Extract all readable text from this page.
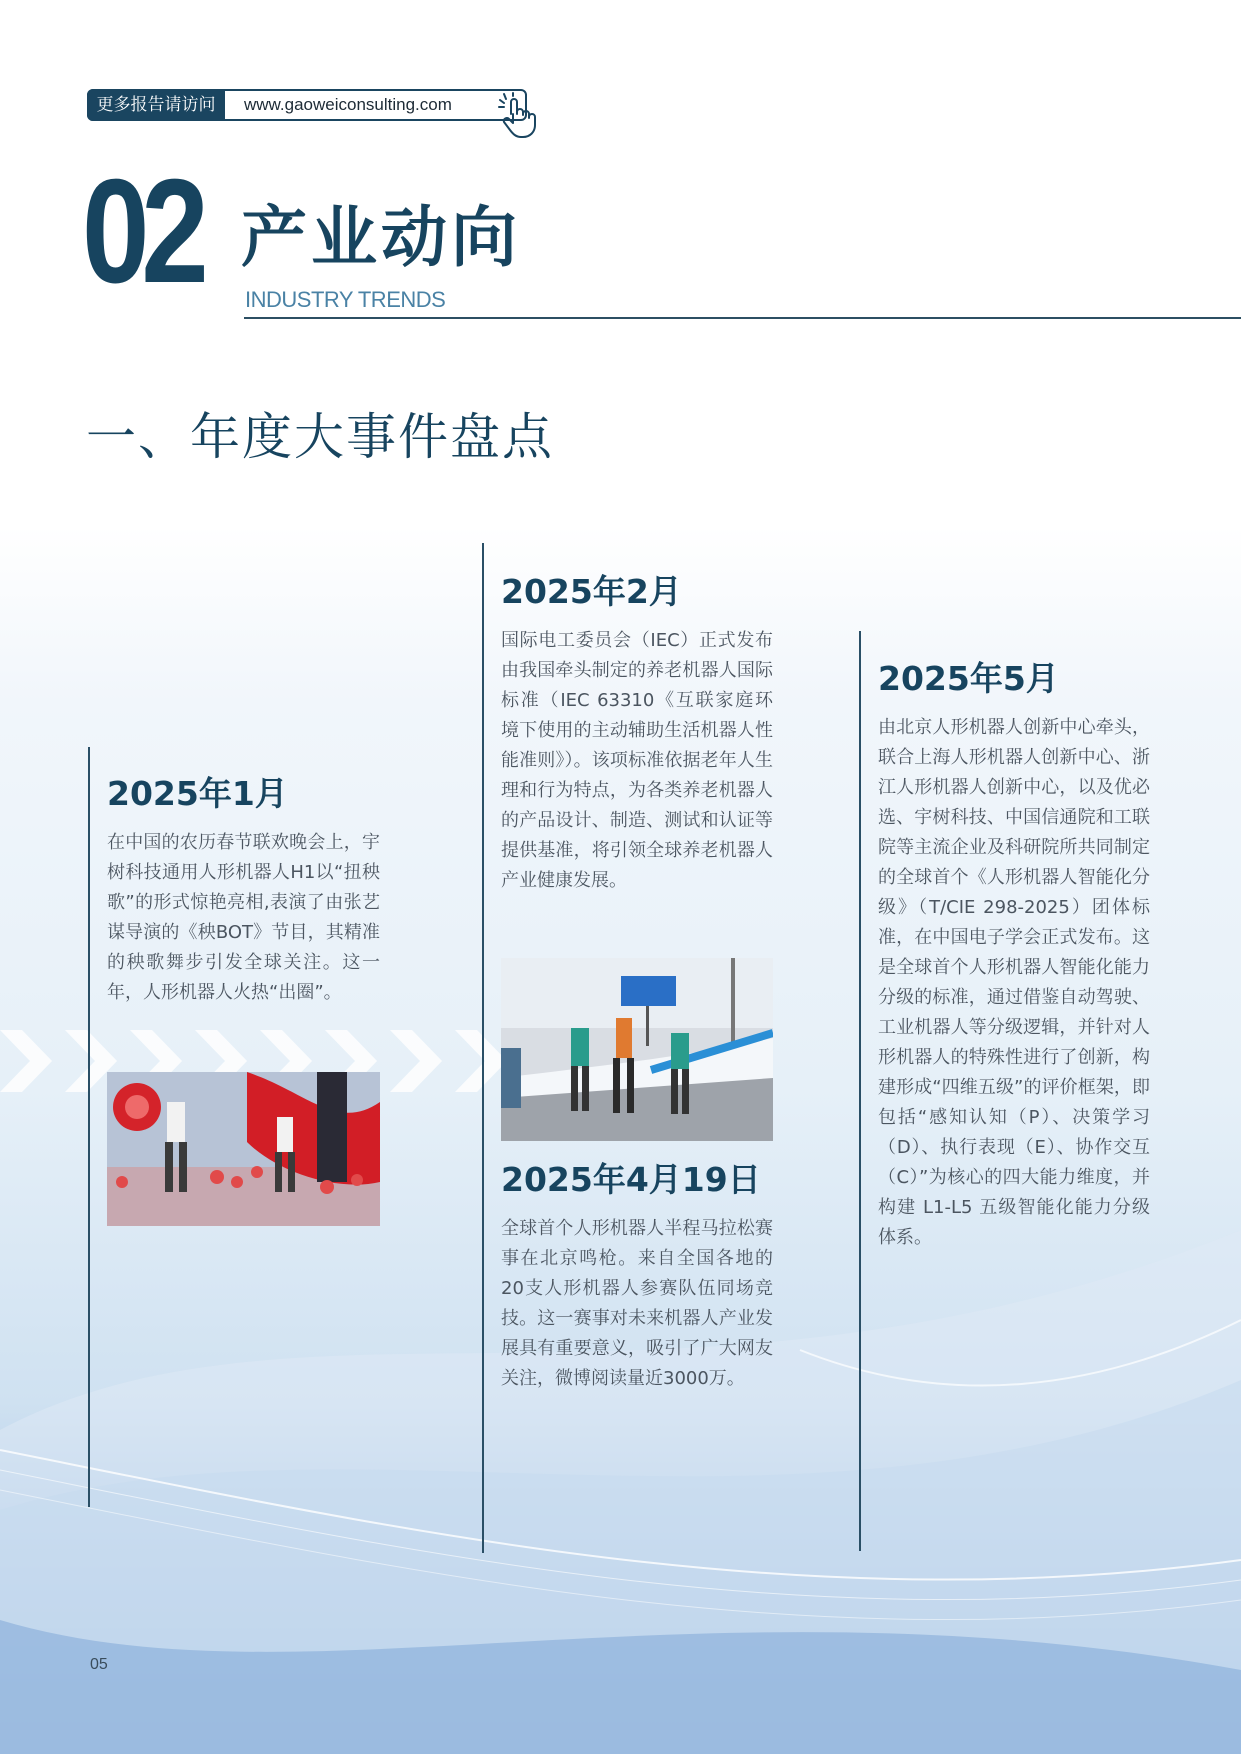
更多报告请访问	www.gaoweiconsulting.com
02 产业动向
INDUSTRY TRENDS
一、年度大事件盘点
2025年1月

在中国的农历春节联欢晚会上，宇树科技通用人形机器人H1以“扭秧歌”的形式惊艳亮相,表演了由张艺谋导演的《秧BOT》节目，其精准的秧歌舞步引发全球关注。这一年，人形机器人火热“出圈”。

2025年2月

国际电工委员会（IEC）正式发布由我国牵头制定的养老机器人国际标准（IEC 63310《互联家庭环境下使用的主动辅助生活机器人性能准则》）。该项标准依据老年人生理和行为特点，为各类养老机器人的产品设计、制造、测试和认证等提供基准，将引领全球养老机器人产业健康发展。

2025年4月19日

全球首个人形机器人半程马拉松赛事在北京鸣枪。来自全国各地的20支人形机器人参赛队伍同场竞技。这一赛事对未来机器人产业发展具有重要意义，吸引了广大网友关注，微博阅读量近3000万。

2025年5月

由北京人形机器人创新中心牵头，联合上海人形机器人创新中心、浙江人形机器人创新中心，以及优必选、宇树科技、中国信通院和工联院等主流企业及科研院所共同制定的全球首个《人形机器人智能化分级》（T/CIE 298-2025）团体标准，在中国电子学会正式发布。这是全球首个人形机器人智能化能力分级的标准，通过借鉴自动驾驶、工业机器人等分级逻辑，并针对人形机器人的特殊性进行了创新，构建形成“四维五级”的评价框架，即包括“感知认知（P）、决策学习（D）、执行表现（E）、协作交互（C）”为核心的四大能力维度，并构建 L1-L5 五级智能化能力分级体系。

05
